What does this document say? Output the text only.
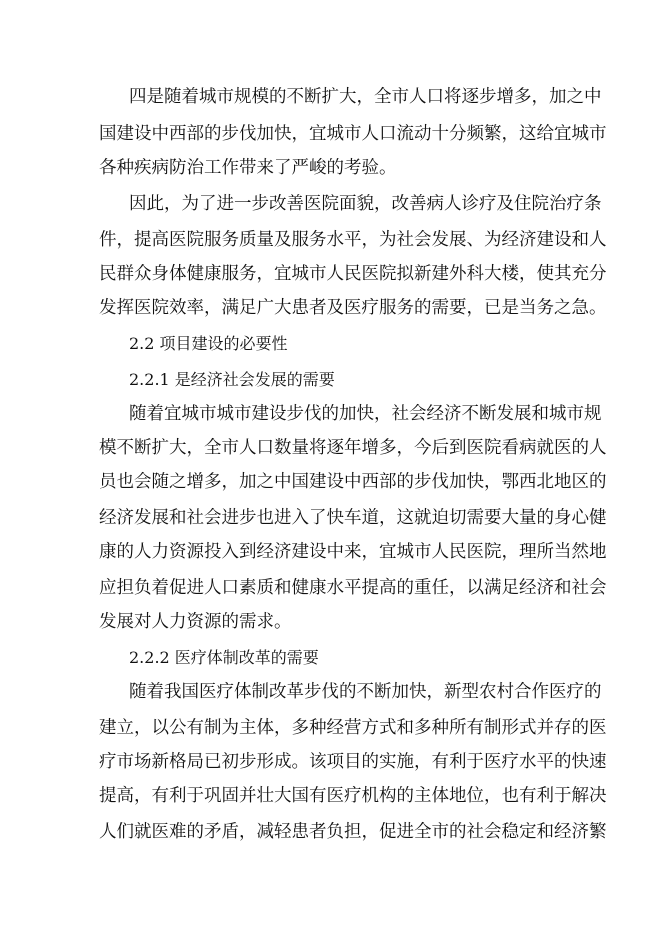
四是随着城市规模的不断扩大，全市人口将逐步增多，加之中
国建设中西部的步伐加快，宜城市人口流动十分频繁，这给宜城市
各种疾病防治工作带来了严峻的考验。
因此，为了进一步改善医院面貌，改善病人诊疗及住院治疗条
件，提高医院服务质量及服务水平，为社会发展、为经济建设和人
民群众身体健康服务，宜城市人民医院拟新建外科大楼，使其充分
发挥医院效率，满足广大患者及医疗服务的需要，已是当务之急。
2.2 项目建设的必要性
2.2.1 是经济社会发展的需要
随着宜城市城市建设步伐的加快，社会经济不断发展和城市规
模不断扩大，全市人口数量将逐年增多，今后到医院看病就医的人
员也会随之增多，加之中国建设中西部的步伐加快，鄂西北地区的
经济发展和社会进步也进入了快车道，这就迫切需要大量的身心健
康的人力资源投入到经济建设中来，宜城市人民医院，理所当然地
应担负着促进人口素质和健康水平提高的重任，以满足经济和社会
发展对人力资源的需求。
2.2.2 医疗体制改革的需要
随着我国医疗体制改革步伐的不断加快，新型农村合作医疗的
建立，以公有制为主体，多种经营方式和多种所有制形式并存的医
疗市场新格局已初步形成。该项目的实施，有利于医疗水平的快速
提高，有利于巩固并壮大国有医疗机构的主体地位，也有利于解决
人们就医难的矛盾，减轻患者负担，促进全市的社会稳定和经济繁
